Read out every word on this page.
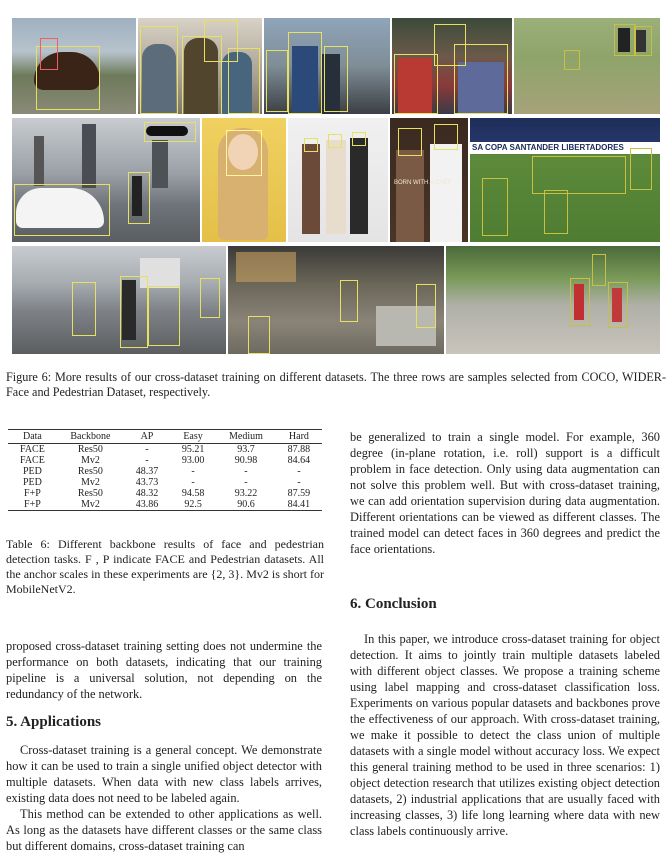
BORN WITH A CHEF
SA COPA SANTANDER LIBERTADORES
Figure 6: More results of our cross-dataset training on different datasets. The three rows are samples selected from COCO, WIDER-Face and Pedestrian Dataset, respectively.
Data	Backbone	AP	Easy	Medium	Hard
FACE	Res50	-	95.21	93.7	87.88
FACE	Mv2	-	93.00	90.98	84.64
PED	Res50	48.37	-	-	-
PED	Mv2	43.73	-	-	-
F+P	Res50	48.32	94.58	93.22	87.59
F+P	Mv2	43.86	92.5	90.6	84.41
Table 6: Different backbone results of face and pedestrian detection tasks. F , P indicate FACE and Pedestrian datasets. All the anchor scales in these experiments are {2, 3}. Mv2 is short for MobileNetV2.
proposed cross-dataset training setting does not undermine the performance on both datasets, indicating that our training pipeline is a universal solution, not depending on the redundancy of the network.
5. Applications
Cross-dataset training is a general concept. We demonstrate how it can be used to train a single unified object detector with multiple datasets. When data with new class labels arrives, existing data does not need to be labeled again.
This method can be extended to other applications as well. As long as the datasets have different classes or the same class but different domains, cross-dataset training can
be generalized to train a single model. For example, 360 degree (in-plane rotation, i.e. roll) support is a difficult problem in face detection. Only using data augmentation can not solve this problem well. But with cross-dataset training, we can add orientation supervision during data augmentation. Different orientations can be viewed as different classes. The trained model can detect faces in 360 degrees and predict the face orientations.
6. Conclusion
In this paper, we introduce cross-dataset training for object detection. It aims to jointly train multiple datasets labeled with different object classes. We propose a training scheme using label mapping and cross-dataset classification loss. Experiments on various popular datasets and backbones prove the effectiveness of our approach. With cross-dataset training, we make it possible to detect the class union of multiple datasets with a single model without accuracy loss. We expect this general training method to be used in three scenarios: 1) object detection research that utilizes existing object detection datasets, 2) industrial applications that are usually faced with increasing classes, 3) life long learning where data with new class labels continuously arrive.
